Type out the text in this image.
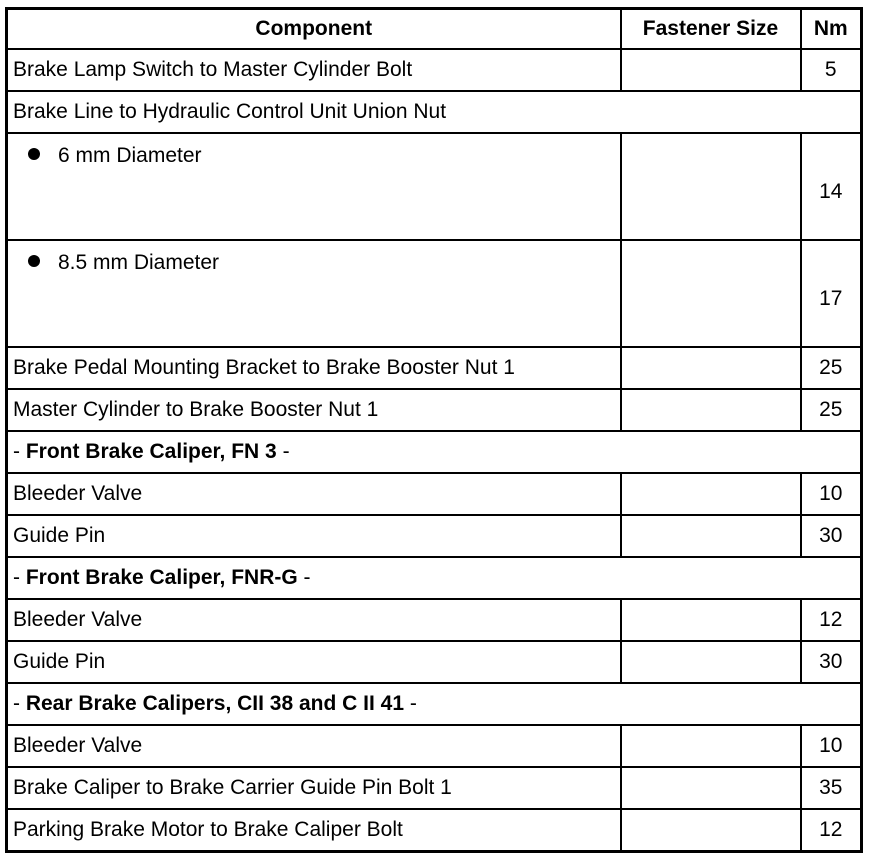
Component	Fastener Size	Nm
Brake Lamp Switch to Master Cylinder Bolt		5
Brake Line to Hydraulic Control Unit Union Nut		
6 mm Diameter		14
8.5 mm Diameter		17
Brake Pedal Mounting Bracket to Brake Booster Nut 1		25
Master Cylinder to Brake Booster Nut 1		25
- Front Brake Caliper, FN 3 -		
Bleeder Valve		10
Guide Pin		30
- Front Brake Caliper, FNR-G -		
Bleeder Valve		12
Guide Pin		30
- Rear Brake Calipers, CII 38 and C II 41 -		
Bleeder Valve		10
Brake Caliper to Brake Carrier Guide Pin Bolt 1		35
Parking Brake Motor to Brake Caliper Bolt		12
